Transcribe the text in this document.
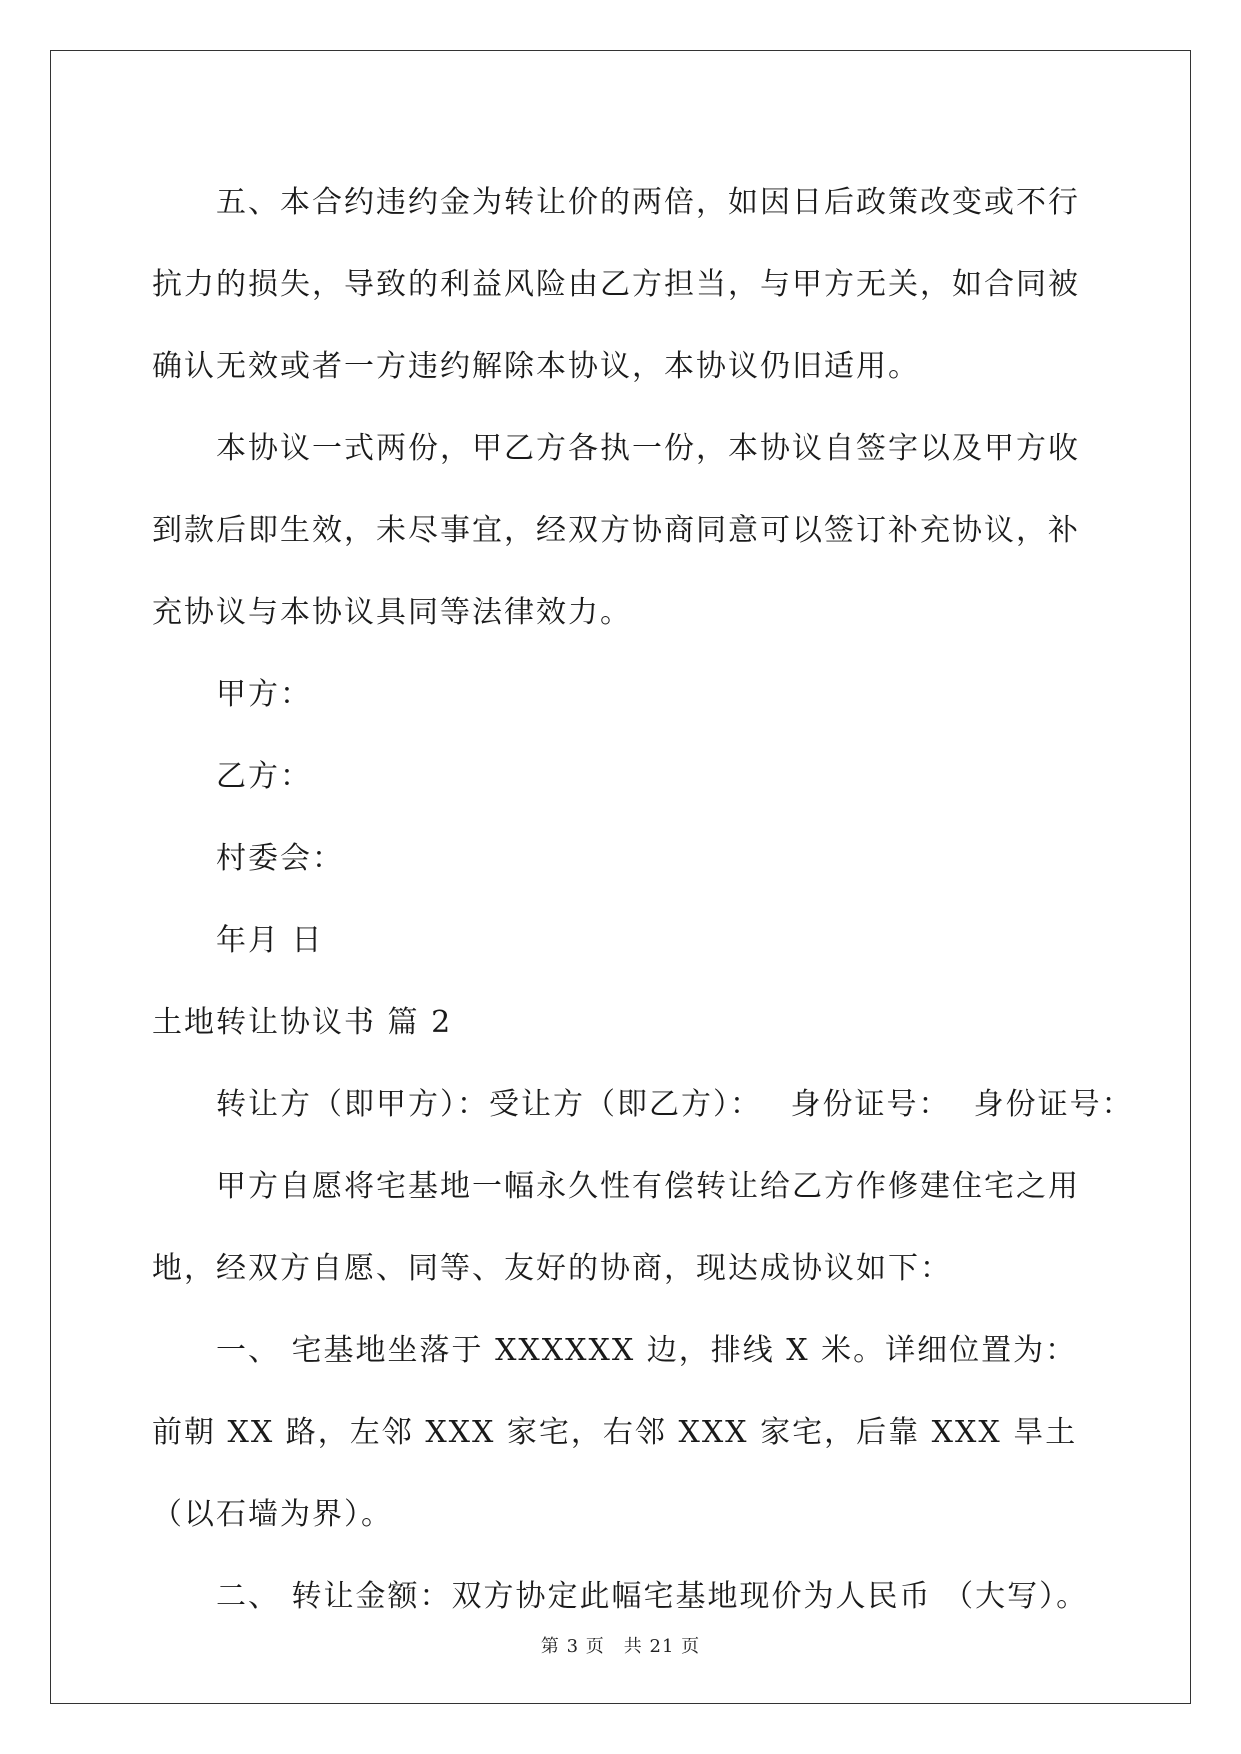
五、本合约违约金为转让价的两倍，如因日后政策改变或不行抗力的损失，导致的利益风险由乙方担当，与甲方无关，如合同被确认无效或者一方违约解除本协议，本协议仍旧适用。

本协议一式两份，甲乙方各执一份，本协议自签字以及甲方收到款后即生效，未尽事宜，经双方协商同意可以签订补充协议，补充协议与本协议具同等法律效力。

甲方：

乙方：

村委会：

年月 日

土地转让协议书 篇 2

转让方（即甲方）：受让方（即乙方）：　 身份证号：  身份证号：

甲方自愿将宅基地一幅永久性有偿转让给乙方作修建住宅之用地，经双方自愿、同等、友好的协商，现达成协议如下：

一、 宅基地坐落于 XXXXXX 边，排线 X 米。详细位置为：前朝 XX 路，左邻 XXX 家宅，右邻 XXX 家宅，后靠 XXX 旱土（以石墙为界）。

二、 转让金额：双方协定此幅宅基地现价为人民币 （大写）。

第 3 页　共 21 页
